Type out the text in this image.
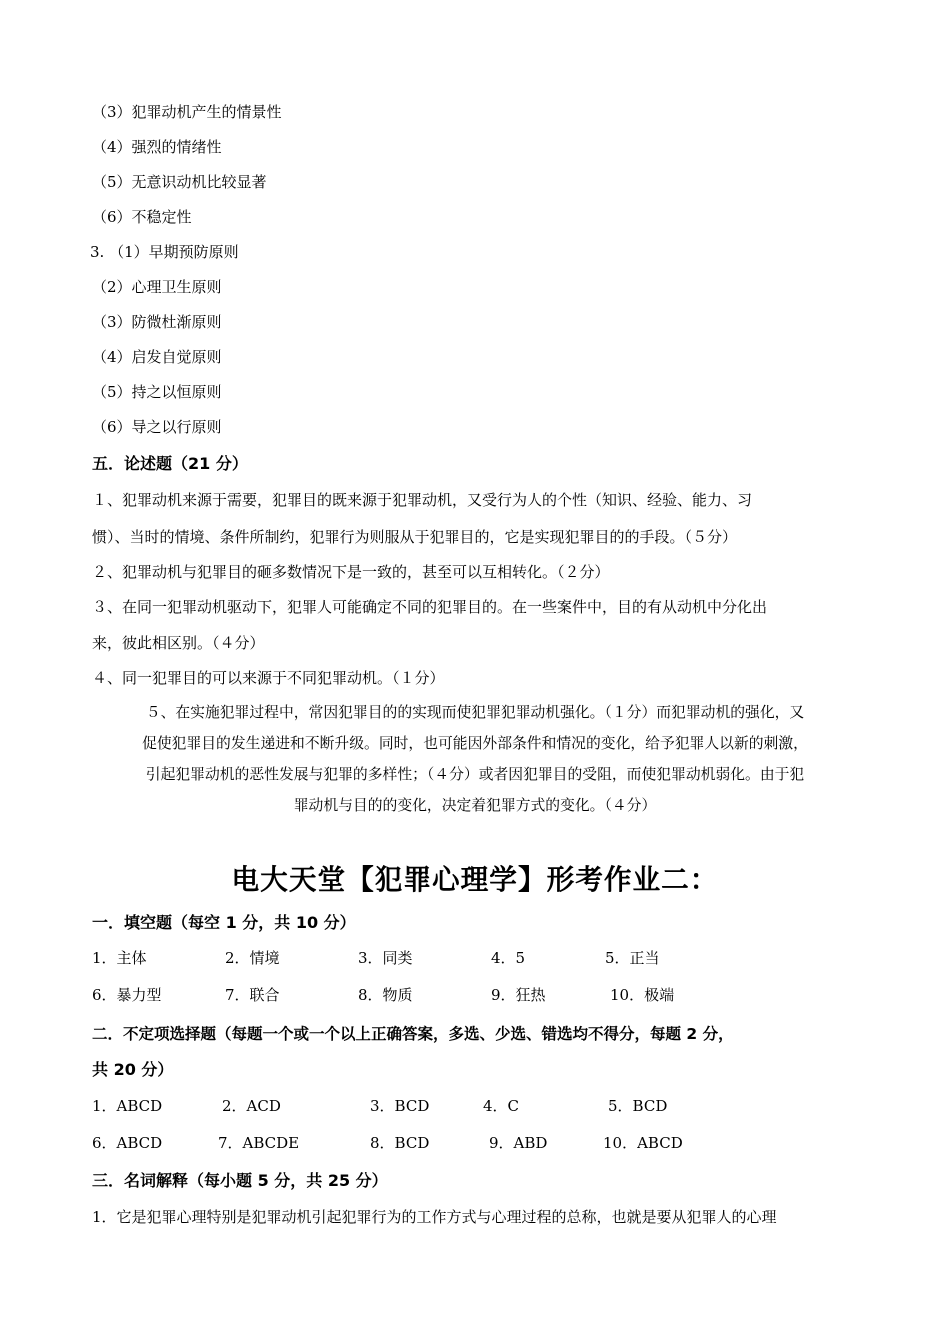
（3）犯罪动机产生的情景性
（4）强烈的情绪性
（5）无意识动机比较显著
（6）不稳定性
3. （1）早期预防原则
（2）心理卫生原则
（3）防微杜渐原则
（4）启发自觉原则
（5）持之以恒原则
（6）导之以行原则
五．论述题（21 分）
１、犯罪动机来源于需要，犯罪目的既来源于犯罪动机，又受行为人的个性（知识、经验、能力、习
惯）、当时的情境、条件所制约，犯罪行为则服从于犯罪目的，它是实现犯罪目的的手段。（５分）
２、犯罪动机与犯罪目的砸多数情况下是一致的，甚至可以互相转化。（２分）
３、在同一犯罪动机驱动下，犯罪人可能确定不同的犯罪目的。在一些案件中，目的有从动机中分化出
来，彼此相区别。（４分）
４、同一犯罪目的可以来源于不同犯罪动机。（１分）
５、在实施犯罪过程中，常因犯罪目的的实现而使犯罪犯罪动机强化。（１分）而犯罪动机的强化，又
促使犯罪目的发生递进和不断升级。同时，也可能因外部条件和情况的变化，给予犯罪人以新的刺激，
引起犯罪动机的恶性发展与犯罪的多样性；（４分）或者因犯罪目的受阻，而使犯罪动机弱化。由于犯
罪动机与目的的变化，决定着犯罪方式的变化。（４分）
电大天堂【犯罪心理学】形考作业二：
一．填空题（每空 1 分，共 10 分）
1．主体	2．情境	3．同类	4．5	5．正当
6．暴力型	7．联合	8．物质	9．狂热	10．极端
二．不定项选择题（每题一个或一个以上正确答案，多选、少选、错选均不得分，每题 2 分，
共 20 分）
1．ABCD	2．ACD	3．BCD	4．C	5．BCD
6．ABCD	7．ABCDE	8．BCD	9．ABD	10．ABCD
三．名词解释（每小题 5 分，共 25 分）
1．它是犯罪心理特别是犯罪动机引起犯罪行为的工作方式与心理过程的总称，也就是要从犯罪人的心理
